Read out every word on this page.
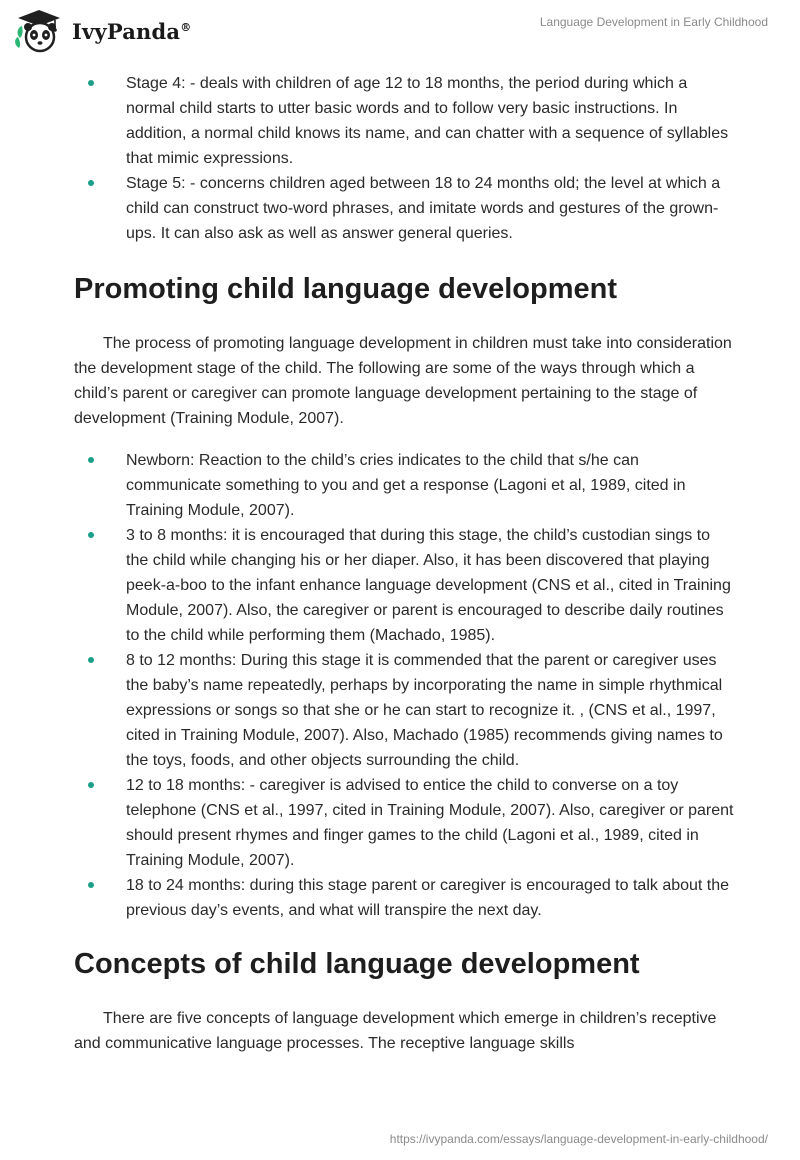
IvyPanda®	Language Development in Early Childhood
Stage 4: - deals with children of age 12 to 18 months, the period during which a normal child starts to utter basic words and to follow very basic instructions. In addition, a normal child knows its name, and can chatter with a sequence of syllables that mimic expressions.
Stage 5: - concerns children aged between 18 to 24 months old; the level at which a child can construct two-word phrases, and imitate words and gestures of the grown-ups. It can also ask as well as answer general queries.
Promoting child language development

The process of promoting language development in children must take into consideration the development stage of the child. The following are some of the ways through which a child’s parent or caregiver can promote language development pertaining to the stage of development (Training Module, 2007).

Newborn: Reaction to the child’s cries indicates to the child that s/he can communicate something to you and get a response (Lagoni et al, 1989, cited in Training Module, 2007).
3 to 8 months: it is encouraged that during this stage, the child’s custodian sings to the child while changing his or her diaper. Also, it has been discovered that playing peek-a-boo to the infant enhance language development (CNS et al., cited in Training Module, 2007). Also, the caregiver or parent is encouraged to describe daily routines to the child while performing them (Machado, 1985).
8 to 12 months: During this stage it is commended that the parent or caregiver uses the baby’s name repeatedly, perhaps by incorporating the name in simple rhythmical expressions or songs so that she or he can start to recognize it. , (CNS et al., 1997, cited in Training Module, 2007). Also, Machado (1985) recommends giving names to the toys, foods, and other objects surrounding the child.
12 to 18 months: - caregiver is advised to entice the child to converse on a toy telephone (CNS et al., 1997, cited in Training Module, 2007). Also, caregiver or parent should present rhymes and finger games to the child (Lagoni et al., 1989, cited in Training Module, 2007).
18 to 24 months: during this stage parent or caregiver is encouraged to talk about the previous day’s events, and what will transpire the next day.
Concepts of child language development

There are five concepts of language development which emerge in children’s receptive and communicative language processes. The receptive language skills

https://ivypanda.com/essays/language-development-in-early-childhood/
